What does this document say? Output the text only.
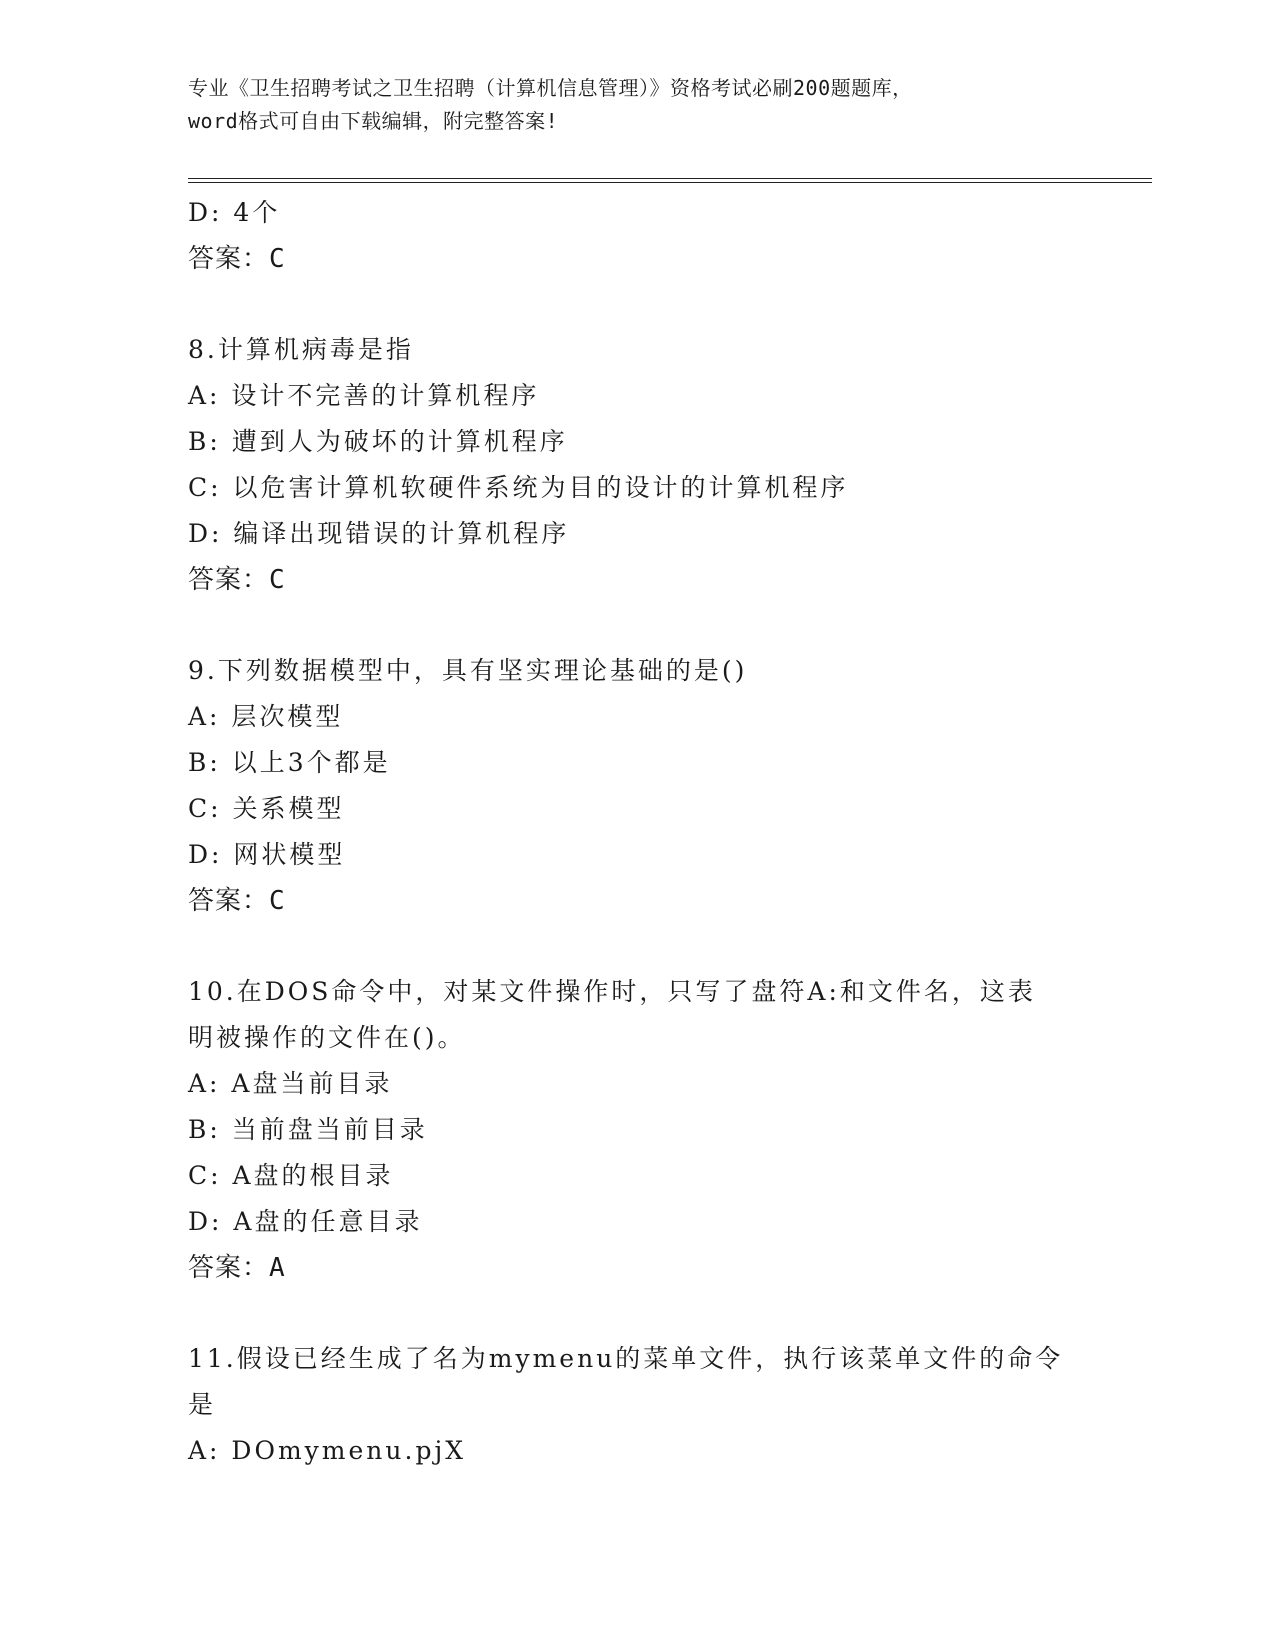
专业《卫生招聘考试之卫生招聘（计算机信息管理）》资格考试必刷200题题库，
word格式可自由下载编辑，附完整答案!
D: 4个
答案：C
8.计算机病毒是指
A: 设计不完善的计算机程序
B: 遭到人为破坏的计算机程序
C: 以危害计算机软硬件系统为目的设计的计算机程序
D: 编译出现错误的计算机程序
答案：C
9.下列数据模型中，具有坚实理论基础的是()
A: 层次模型
B: 以上3个都是
C: 关系模型
D: 网状模型
答案：C
10.在DOS命令中，对某文件操作时，只写了盘符A:和文件名，这表
明被操作的文件在()。
A: A盘当前目录
B: 当前盘当前目录
C: A盘的根目录
D: A盘的任意目录
答案：A
11.假设已经生成了名为mymenu的菜单文件，执行该菜单文件的命令
是
A: DOmymenu.pjX
